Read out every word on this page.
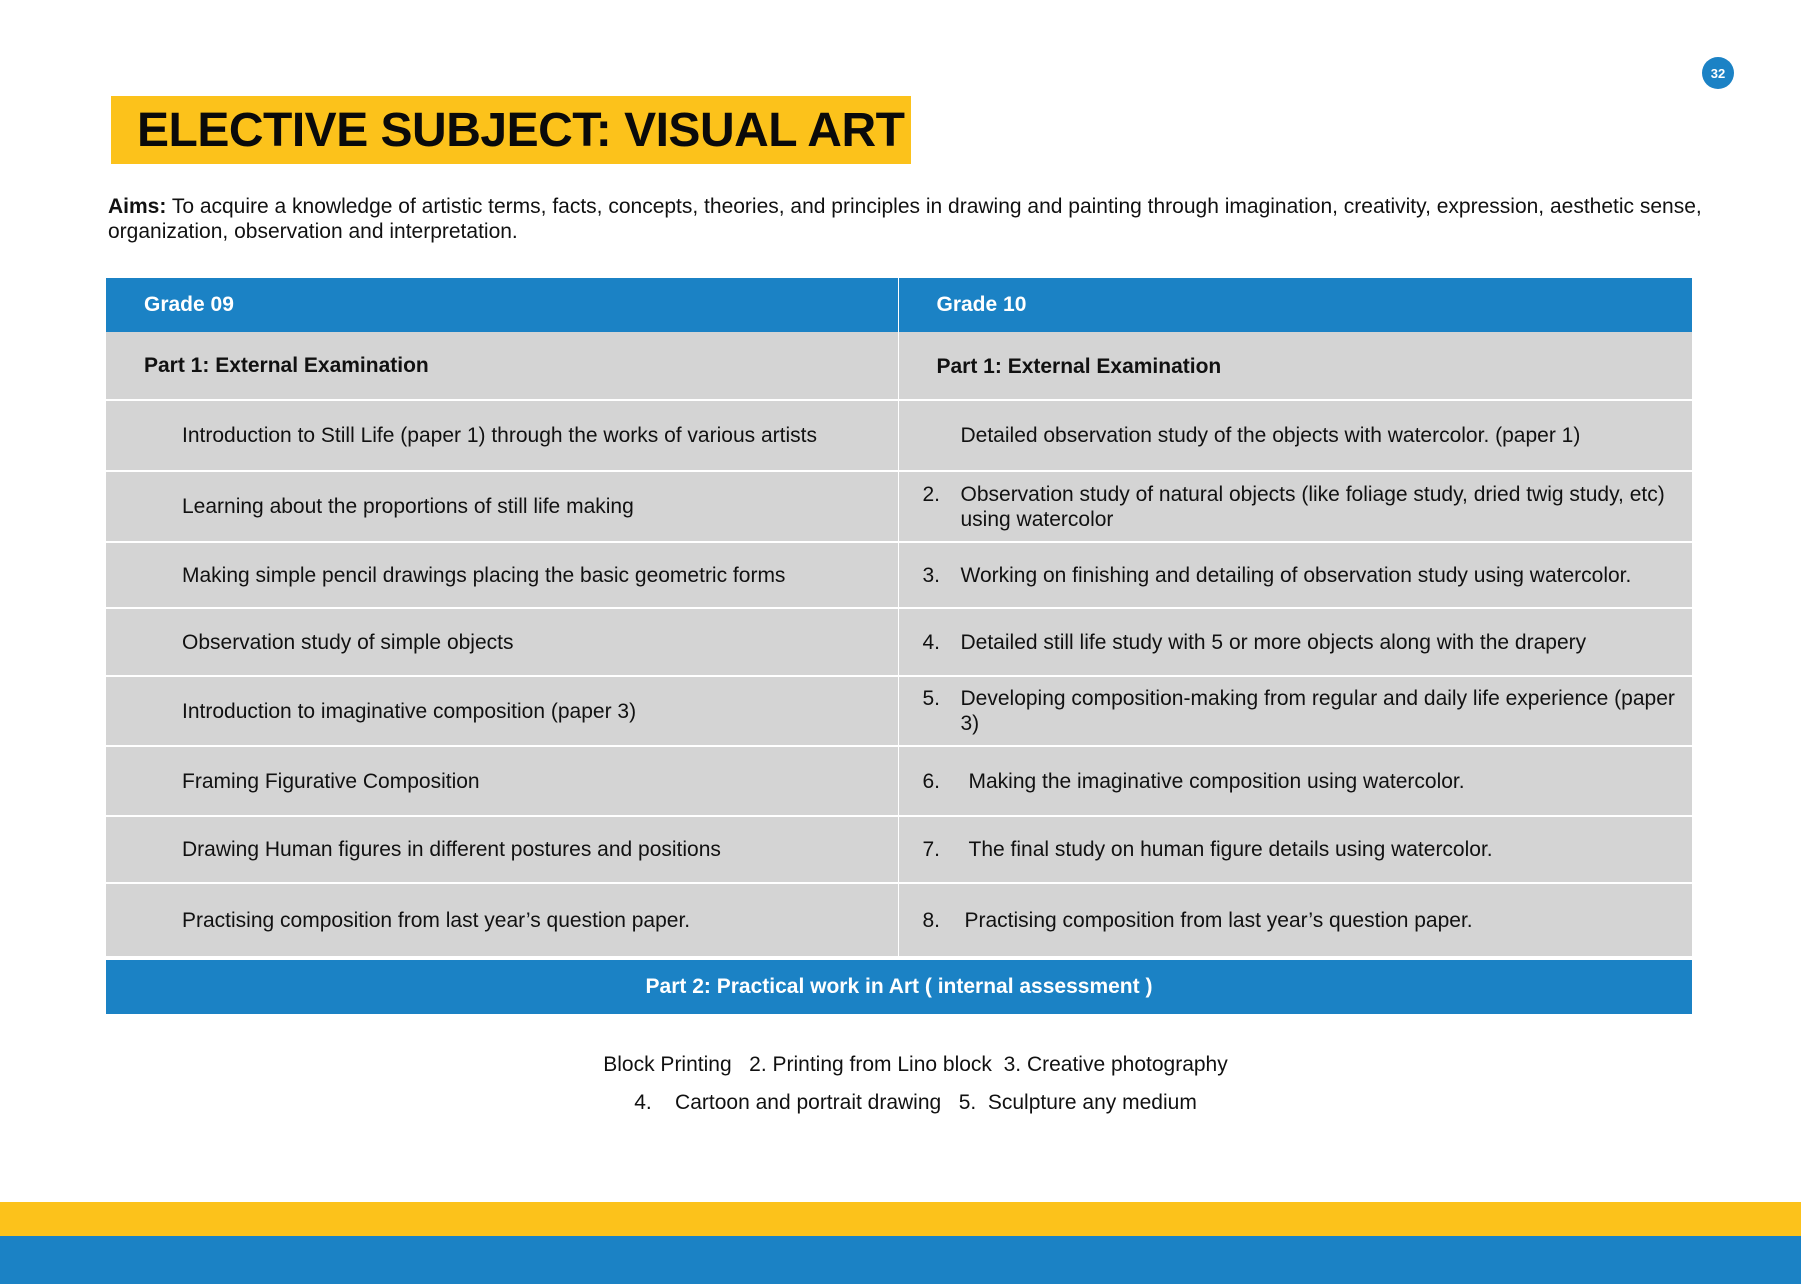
32
ELECTIVE SUBJECT: VISUAL ART
Aims: To acquire a knowledge of artistic terms, facts, concepts, theories, and principles in drawing and painting through imagination, creativity, expression, aesthetic sense, organization, observation and interpretation.
Grade 09	Grade 10
Part 1: External Examination	Part 1: External Examination
Introduction to Still Life (paper 1) through the works of various artists	Detailed observation study of the objects with watercolor. (paper 1)

Learning about the proportions of still life making	2. Observation study of natural objects (like foliage study, dried twig study, etc) using watercolor

Making simple pencil drawings placing the basic geometric forms	3. Working on finishing and detailing of observation study using watercolor.

Observation study of simple objects	4. Detailed still life study with 5 or more objects along with the drapery

Introduction to imaginative composition (paper 3)	5. Developing composition-making from regular and daily life experience (paper 3)

Framing Figurative Composition	6. Making the imaginative composition using watercolor.

Drawing Human figures in different postures and positions	7. The final study on human figure details using watercolor.

Practising composition from last year’s question paper.	8. Practising composition from last year’s question paper.
Part 2: Practical work in Art ( internal assessment )
Block Printing   2. Printing from Lino block  3. Creative photography
4.    Cartoon and portrait drawing   5.  Sculpture any medium
